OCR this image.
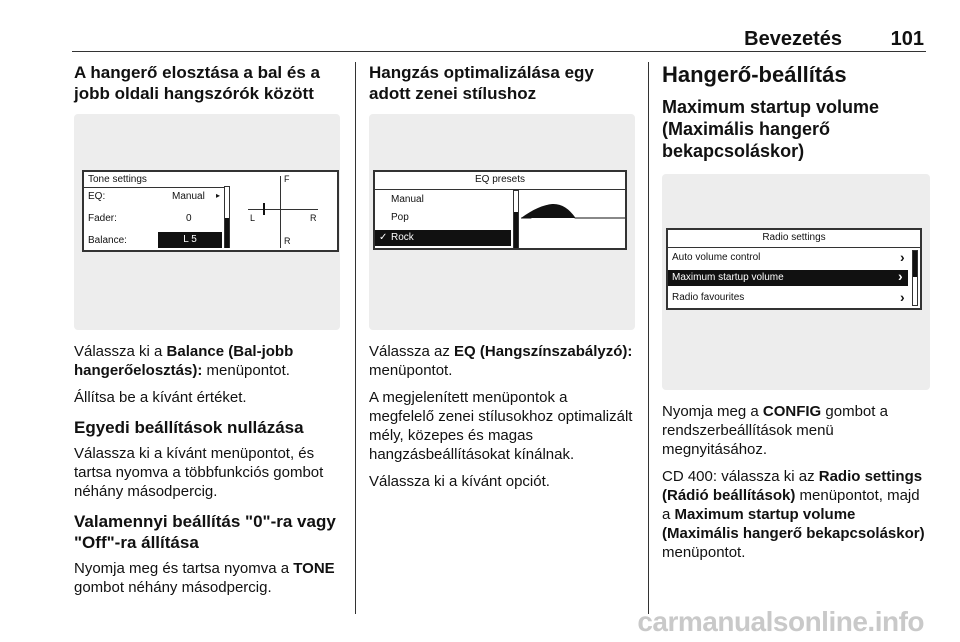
Bevezetés 101
A hangerő elosztása a bal és a jobb oldali hangszórók között
Tone settings
EQ:	Manual ▸
Fader:	0
Balance:	L 5
F
R
L	R

Válassza ki a Balance (Bal-jobb hangerőelosztás): menüpontot.

Állítsa be a kívánt értéket.

Egyedi beállítások nullázása

Válassza ki a kívánt menüpontot, és tartsa nyomva a többfunkciós gombot néhány másodpercig.

Valamennyi beállítás "0"-ra vagy "Off"-ra állítása

Nyomja meg és tartsa nyomva a TONE gombot néhány másodpercig.

Hangzás optimalizálása egy adott zenei stílushoz
EQ presets
Manual
Pop
✓ Rock

Válassza az EQ (Hangszínszabályzó): menüpontot.

A megjelenített menüpontok a megfelelő zenei stílusokhoz optimalizált mély, közepes és magas hangzásbeállításokat kínálnak.

Válassza ki a kívánt opciót.

Hangerő-beállítás
Maximum startup volume (Maximális hangerő bekapcsoláskor)
Radio settings
Auto volume control	›
Maximum startup volume	›
Radio favourites	›

Nyomja meg a CONFIG gombot a rendszerbeállítások menü megnyitásához.

CD 400: válassza ki az Radio settings (Rádió beállítások) menüpontot, majd a Maximum startup volume (Maximális hangerő bekapcsoláskor) menüpontot.

carmanualsonline.info
